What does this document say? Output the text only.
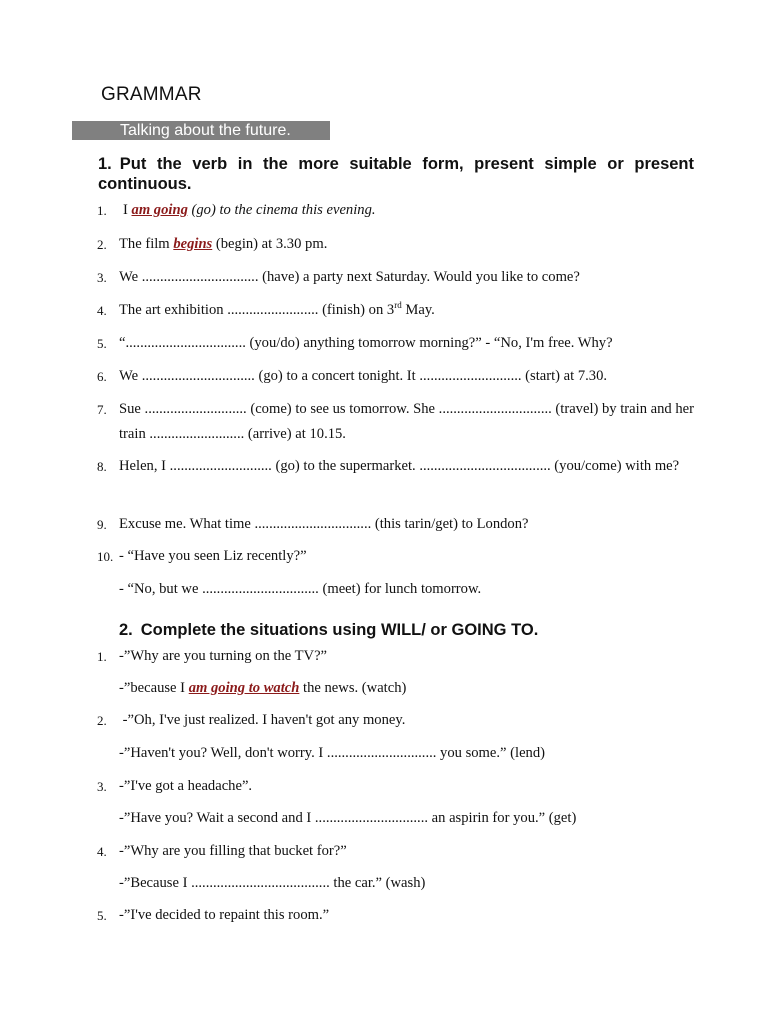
GRAMMAR
Talking about the future.
1. Put the verb in the more suitable form, present simple or present continuous.
1.	I am going (go) to the cinema this evening.
2. The film begins (begin) at 3.30 pm.
3. We ................................ (have) a party next Saturday. Would you like to come?
4. The art exhibition ......................... (finish) on 3rd May.
5. “................................. (you/do) anything tomorrow morning?” - “No, I'm free. Why?
6. We ............................... (go) to a concert tonight. It ............................ (start) at 7.30.
7. Sue ............................ (come) to see us tomorrow. She ............................... (travel) by train and her train .......................... (arrive) at 10.15.
8. Helen, I ............................ (go) to the supermarket. .................................... (you/come) with me?
9. Excuse me. What time ................................ (this tarin/get) to London?
10. - “Have you seen Liz recently?”
- “No, but we ................................ (meet) for lunch tomorrow.
2. Complete the situations using WILL/ or GOING TO.
1. -”Why are you turning on the TV?”
-”because I am going to watch the news. (watch)
2. -”Oh, I've just realized. I haven't got any money.
-”Haven't you? Well, don't worry. I .............................. you some.” (lend)
3. -”I've got a headache”.
-”Have you? Wait a second and I ............................... an aspirin for you.” (get)
4. -”Why are you filling that bucket for?”
-”Because I ...................................... the car.” (wash)
5. -”I've decided to repaint this room.”
